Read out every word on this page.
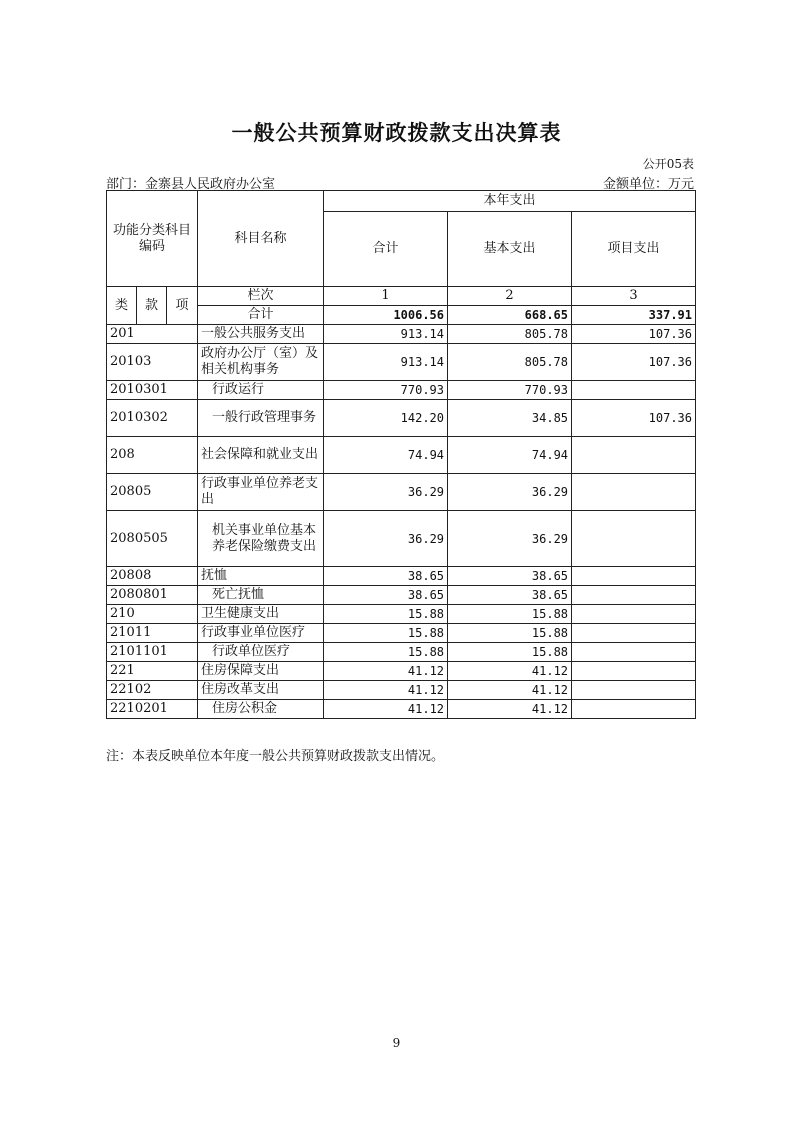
一般公共预算财政拨款支出决算表
公开05表
部门：金寨县人民政府办公室	金额单位：万元
功能分类科目编码			科目名称	本年支出		
				合计	基本支出	项目支出
类	款	项	栏次	1	2	3
			合计	1006.56	668.65	337.91
201			一般公共服务支出	913.14	805.78	107.36
20103			政府办公厅（室）及相关机构事务	913.14	805.78	107.36
2010301			行政运行	770.93	770.93	
2010302			一般行政管理事务	142.20	34.85	107.36
208			社会保障和就业支出	74.94	74.94	
20805			行政事业单位养老支出	36.29	36.29	
2080505			机关事业单位基本养老保险缴费支出	36.29	36.29	
20808			抚恤	38.65	38.65	
2080801			死亡抚恤	38.65	38.65	
210			卫生健康支出	15.88	15.88	
21011			行政事业单位医疗	15.88	15.88	
2101101			行政单位医疗	15.88	15.88	
221			住房保障支出	41.12	41.12	
22102			住房改革支出	41.12	41.12	
2210201			住房公积金	41.12	41.12	
注：本表反映单位本年度一般公共预算财政拨款支出情况。
9
